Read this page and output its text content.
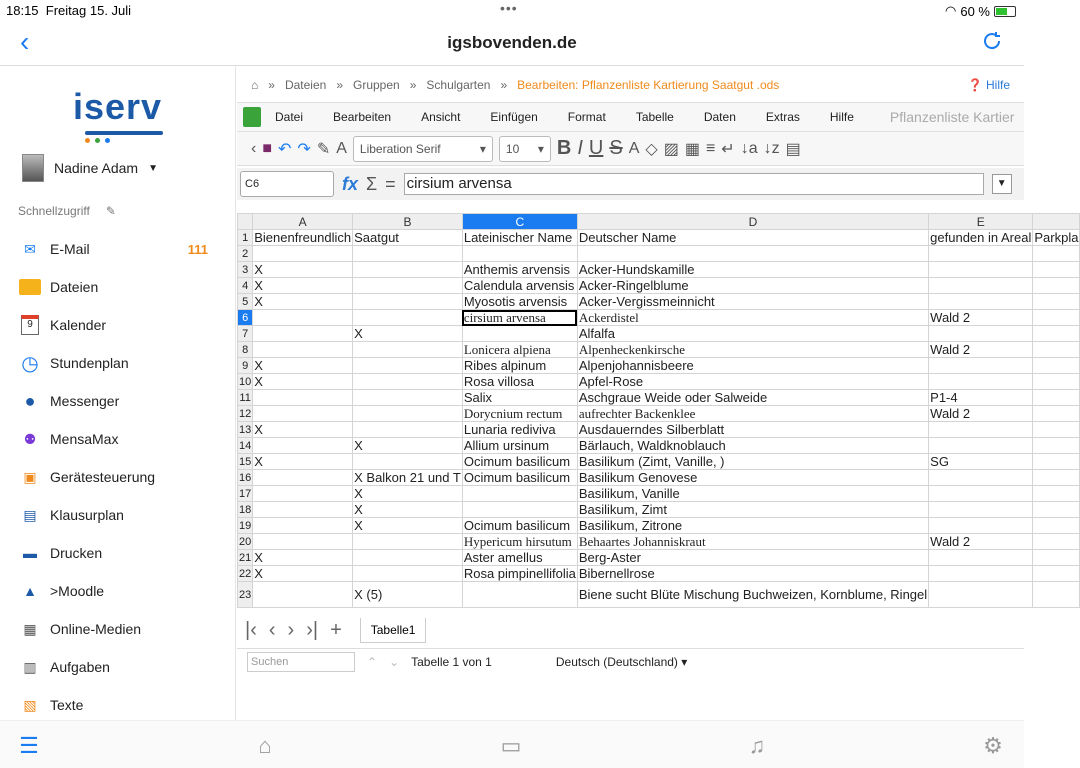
18:15 Freitag 15. Juli	•••	◠ 60 %
‹	igsbovenden.de
iserv
Nadine Adam ▼
Schnellzugriff ✎
✉	E-Mail	111
Dateien
9	Kalender
◷ Stundenplan
●	Messenger
⚉ MensaMax
▣ Gerätesteuerung
▤ Klausurplan
▬ Drucken
▲ >Moodle
▦ Online-Medien
▥ Aufgaben
▧ Texte
⌂ » Dateien » Gruppen » Schulgarten » Bearbeiten: Pflanzenliste Kartierung Saatgut .ods	❓ Hilfe
Datei	Bearbeiten	Ansicht	Einfügen	Format	Tabelle	Daten	Extras	Hilfe	Pflanzenliste Kartier
‹ ■ ↶ ↷ ✎ A Liberation Serif	▾ 10 ▾ B I U S A ◇ ▨ ▦ ≡ ↵ ↓a ↓z ▤
C6	fx Σ = cirsium arvensa	▼
	A	B	C	D	E	
1	Bienenfreundlich	Saatgut	Lateinischer Name	Deutscher Name	gefunden in Areal	Parkpla
2						
3	X		Anthemis arvensis	Acker-Hundskamille		
4	X		Calendula arvensis	Acker-Ringelblume		
5	X		Myosotis arvensis	Acker-Vergissmeinnicht		
6			cirsium arvensa	Ackerdistel	Wald 2	
7		X		Alfalfa		
8			Lonicera alpiena	Alpenheckenkirsche	Wald 2	
9	X		Ribes alpinum	Alpenjohannisbeere		
10	X		Rosa villosa	Apfel-Rose		
11			Salix	Aschgraue Weide oder Salweide	P1-4	
12			Dorycnium rectum	aufrechter Backenklee	Wald 2	
13	X		Lunaria rediviva	Ausdauerndes Silberblatt		
14		X	Allium ursinum	Bärlauch, Waldknoblauch		
15	X		Ocimum basilicum	Basilikum (Zimt, Vanille, )	SG	
16		X Balkon 21 und T	Ocimum basilicum	Basilikum Genovese		
17		X		Basilikum, Vanille		
18		X		Basilikum, Zimt		
19		X	Ocimum basilicum	Basilikum, Zitrone		
20			Hypericum hirsutum	Behaartes Johanniskraut	Wald 2	
21	X		Aster amellus	Berg-Aster		
22	X		Rosa pimpinellifolia	Bibernellrose		
23		X (5)		Biene sucht Blüte Mischung Buchweizen, Kornblume, Ringel		
|‹ ‹ › ›| +	Tabelle1
Suchen	⌃ ⌄ Tabelle 1 von 1	Deutsch (Deutschland) ▾
☰	⌂	▭	♫	⚙
